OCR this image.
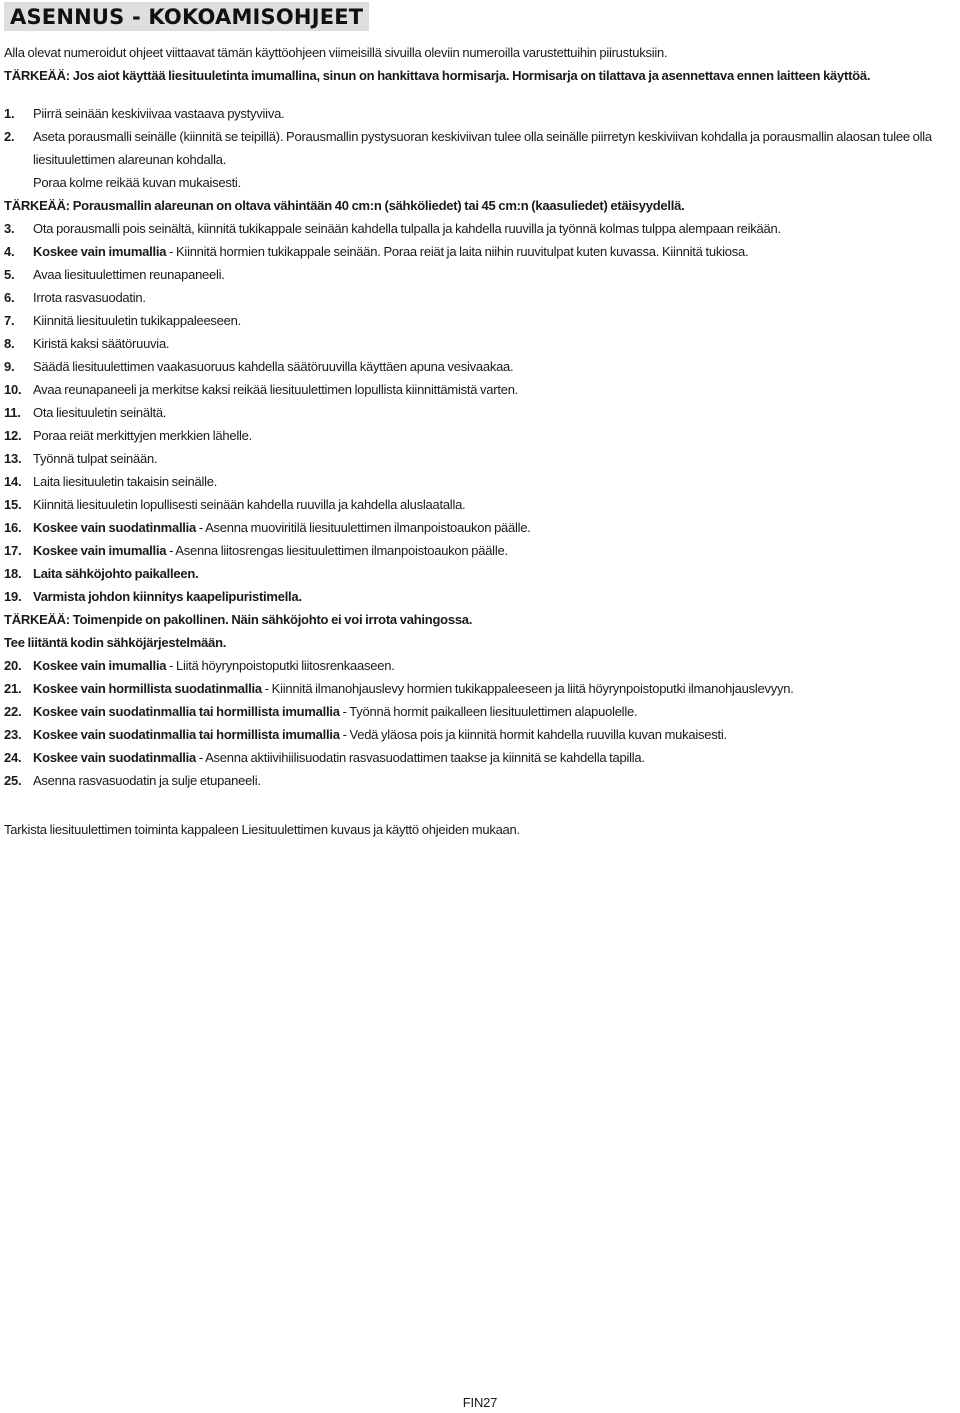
ASENNUS - KOKOAMISOHJEET

Alla olevat numeroidut ohjeet viittaavat tämän käyttöohjeen viimeisillä sivuilla oleviin numeroilla varustettuihin piirustuksiin.

TÄRKEÄÄ: Jos aiot käyttää liesituuletinta imumallina, sinun on hankittava hormisarja. Hormisarja on tilattava ja asennettava ennen laitteen käyttöä.

1.	Piirrä seinään keskiviivaa vastaava pystyviiva.
2.	Aseta porausmalli seinälle (kiinnitä se teipillä). Porausmallin pystysuoran keskiviivan tulee olla seinälle piirretyn keskiviivan kohdalla ja porausmallin alaosan tulee olla liesituulettimen alareunan kohdalla.

Poraa kolme reikää kuvan mukaisesti.

TÄRKEÄÄ: Porausmallin alareunan on oltava vähintään 40 cm:n (sähköliedet) tai 45 cm:n (kaasuliedet) etäisyydellä.

3.	Ota porausmalli pois seinältä, kiinnitä tukikappale seinään kahdella tulpalla ja kahdella ruuvilla ja työnnä kolmas tulppa alempaan reikään.
4.	Koskee vain imumallia - Kiinnitä hormien tukikappale seinään. Poraa reiät ja laita niihin ruuvitulpat kuten kuvassa. Kiinnitä tukiosa.
5.	Avaa liesituulettimen reunapaneeli.
6.	Irrota rasvasuodatin.
7.	Kiinnitä liesituuletin tukikappaleeseen.
8.	Kiristä kaksi säätöruuvia.
9.	Säädä liesituulettimen vaakasuoruus kahdella säätöruuvilla käyttäen apuna vesivaakaa.
10. Avaa reunapaneeli ja merkitse kaksi reikää liesituulettimen lopullista kiinnittämistä varten.
11. Ota liesituuletin seinältä.
12. Poraa reiät merkittyjen merkkien lähelle.
13. Työnnä tulpat seinään.
14. Laita liesituuletin takaisin seinälle.
15. Kiinnitä liesituuletin lopullisesti seinään kahdella ruuvilla ja kahdella aluslaatalla.
16. Koskee vain suodatinmallia - Asenna muoviritilä liesituulettimen ilmanpoistoaukon päälle.
17. Koskee vain imumallia - Asenna liitosrengas liesituulettimen ilmanpoistoaukon päälle.
18. Laita sähköjohto paikalleen.
19. Varmista johdon kiinnitys kaapelipuristimella.

TÄRKEÄÄ: Toimenpide on pakollinen. Näin sähköjohto ei voi irrota vahingossa.

Tee liitäntä kodin sähköjärjestelmään.

20. Koskee vain imumallia - Liitä höyrynpoistoputki liitosrenkaaseen.
21. Koskee vain hormillista suodatinmallia - Kiinnitä ilmanohjauslevy hormien tukikappaleeseen ja liitä höyrynpoistoputki ilmanohjauslevyyn.
22. Koskee vain suodatinmallia tai hormillista imumallia - Työnnä hormit paikalleen liesituulettimen alapuolelle.
23. Koskee vain suodatinmallia tai hormillista imumallia - Vedä yläosa pois ja kiinnitä hormit kahdella ruuvilla kuvan mukaisesti.
24. Koskee vain suodatinmallia - Asenna aktiivihiilisuodatin rasvasuodattimen taakse ja kiinnitä se kahdella tapilla.
25. Asenna rasvasuodatin ja sulje etupaneeli.

Tarkista liesituulettimen toiminta kappaleen Liesituulettimen kuvaus ja käyttö ohjeiden mukaan.

FIN27
